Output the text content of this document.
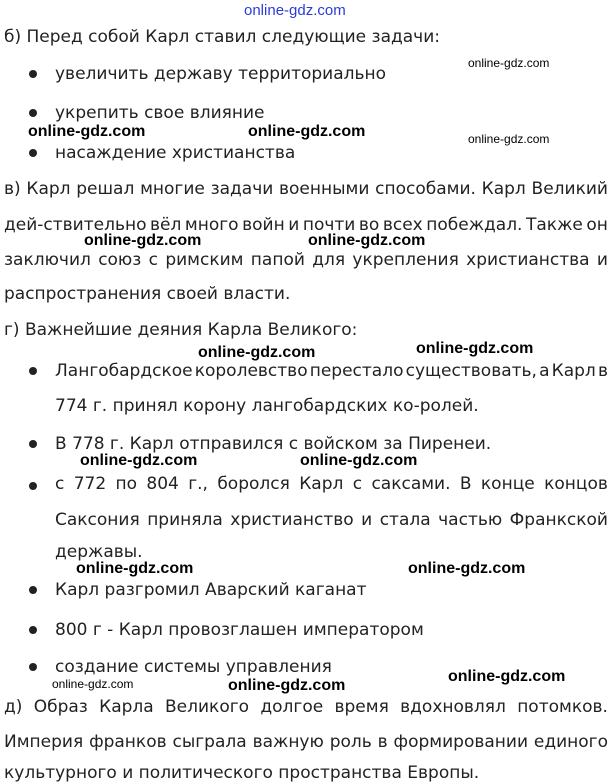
online-gdz.com
б) Перед собой Карл ставил следующие задачи:
увеличить державу территориально
укрепить свое влияние
насаждение христианства
в) Карл решал многие задачи военными способами. Карл Великий
дей-ствительно вёл много войн и почти во всех побеждал. Также он
заключил союз с римским папой для укрепления христианства и
распространения своей власти.
г) Важнейшие деяния Карла Великого:
Лангобардское королевство перестало существовать, а Карл в
774 г. принял корону лангобардских ко-ролей.
В 778 г. Карл отправился с войском за Пиренеи.
с 772 по 804 г., боролся Карл с саксами. В конце концов
Саксония приняла христианство и стала частью Франкской
державы.
Карл разгромил Аварский каганат
800 г - Карл провозглашен императором
создание системы управления
д) Образ Карла Великого долгое время вдохновлял потомков.
Империя франков сыграла важную роль в формировании единого
культурного и политического пространства Европы.
online-gdz.com
online-gdz.com	online-gdz.com	online-gdz.com
online-gdz.com	online-gdz.com
online-gdz.com	online-gdz.com
online-gdz.com	online-gdz.com
online-gdz.com	online-gdz.com
online-gdz.com
online-gdz.com	online-gdz.com
